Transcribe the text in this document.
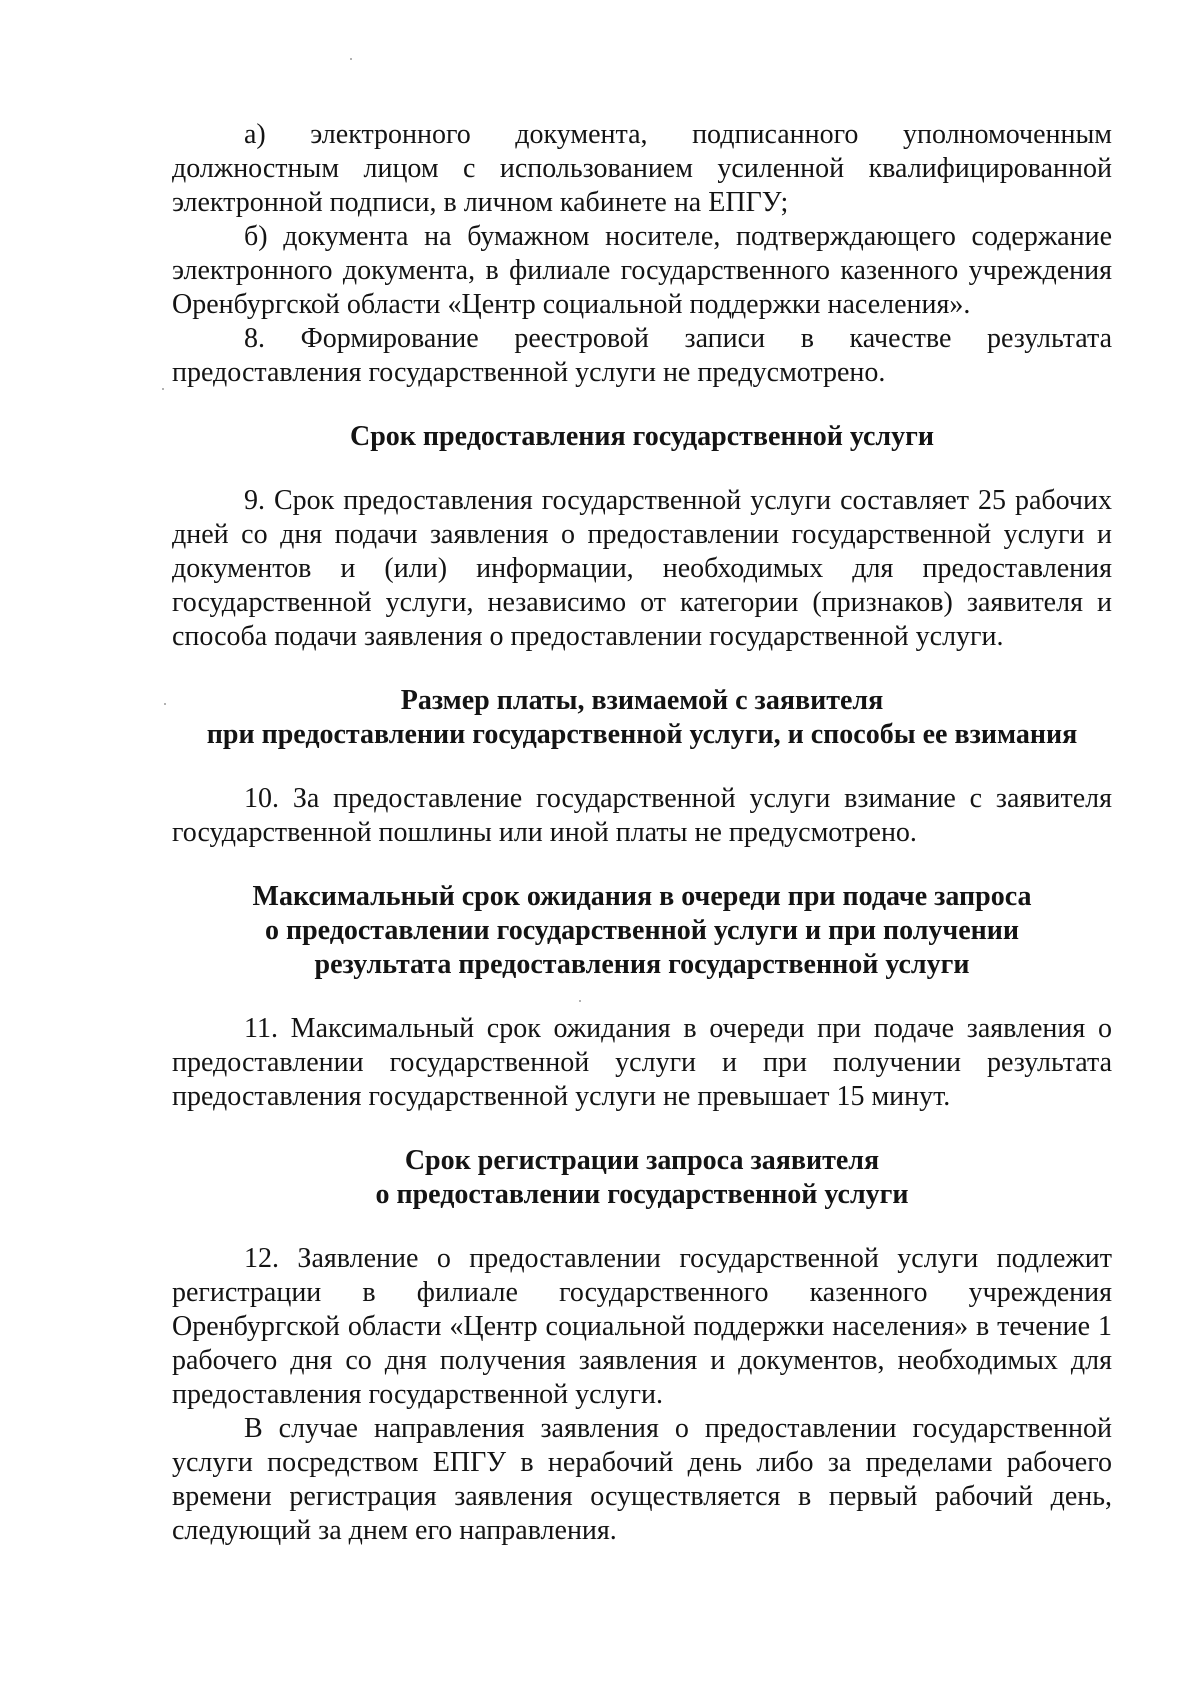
а) электронного документа, подписанного уполномоченным должностным лицом с использованием усиленной квалифицированной электронной подписи, в личном кабинете на ЕПГУ;

б) документа на бумажном носителе, подтверждающего содержание электронного документа, в филиале государственного казенного учреждения Оренбургской области «Центр социальной поддержки населения».

8. Формирование реестровой записи в качестве результата предоставления государственной услуги не предусмотрено.

Срок предоставления государственной услуги

9. Срок предоставления государственной услуги составляет 25 рабочих дней со дня подачи заявления о предоставлении государственной услуги и документов и (или) информации, необходимых для предоставления государственной услуги, независимо от категории (признаков) заявителя и способа подачи заявления о предоставлении государственной услуги.

Размер платы, взимаемой с заявителя
при предоставлении государственной услуги, и способы ее взимания

10. За предоставление государственной услуги взимание с заявителя государственной пошлины или иной платы не предусмотрено.

Максимальный срок ожидания в очереди при подаче запроса
о предоставлении государственной услуги и при получении
результата предоставления государственной услуги

11. Максимальный срок ожидания в очереди при подаче заявления о предоставлении государственной услуги и при получении результата предоставления государственной услуги не превышает 15 минут.

Срок регистрации запроса заявителя
о предоставлении государственной услуги

12. Заявление о предоставлении государственной услуги подлежит регистрации в филиале государственного казенного учреждения Оренбургской области «Центр социальной поддержки населения» в течение 1 рабочего дня со дня получения заявления и документов, необходимых для предоставления государственной услуги.

В случае направления заявления о предоставлении государственной услуги посредством ЕПГУ в нерабочий день либо за пределами рабочего времени регистрация заявления осуществляется в первый рабочий день, следующий за днем его направления.
